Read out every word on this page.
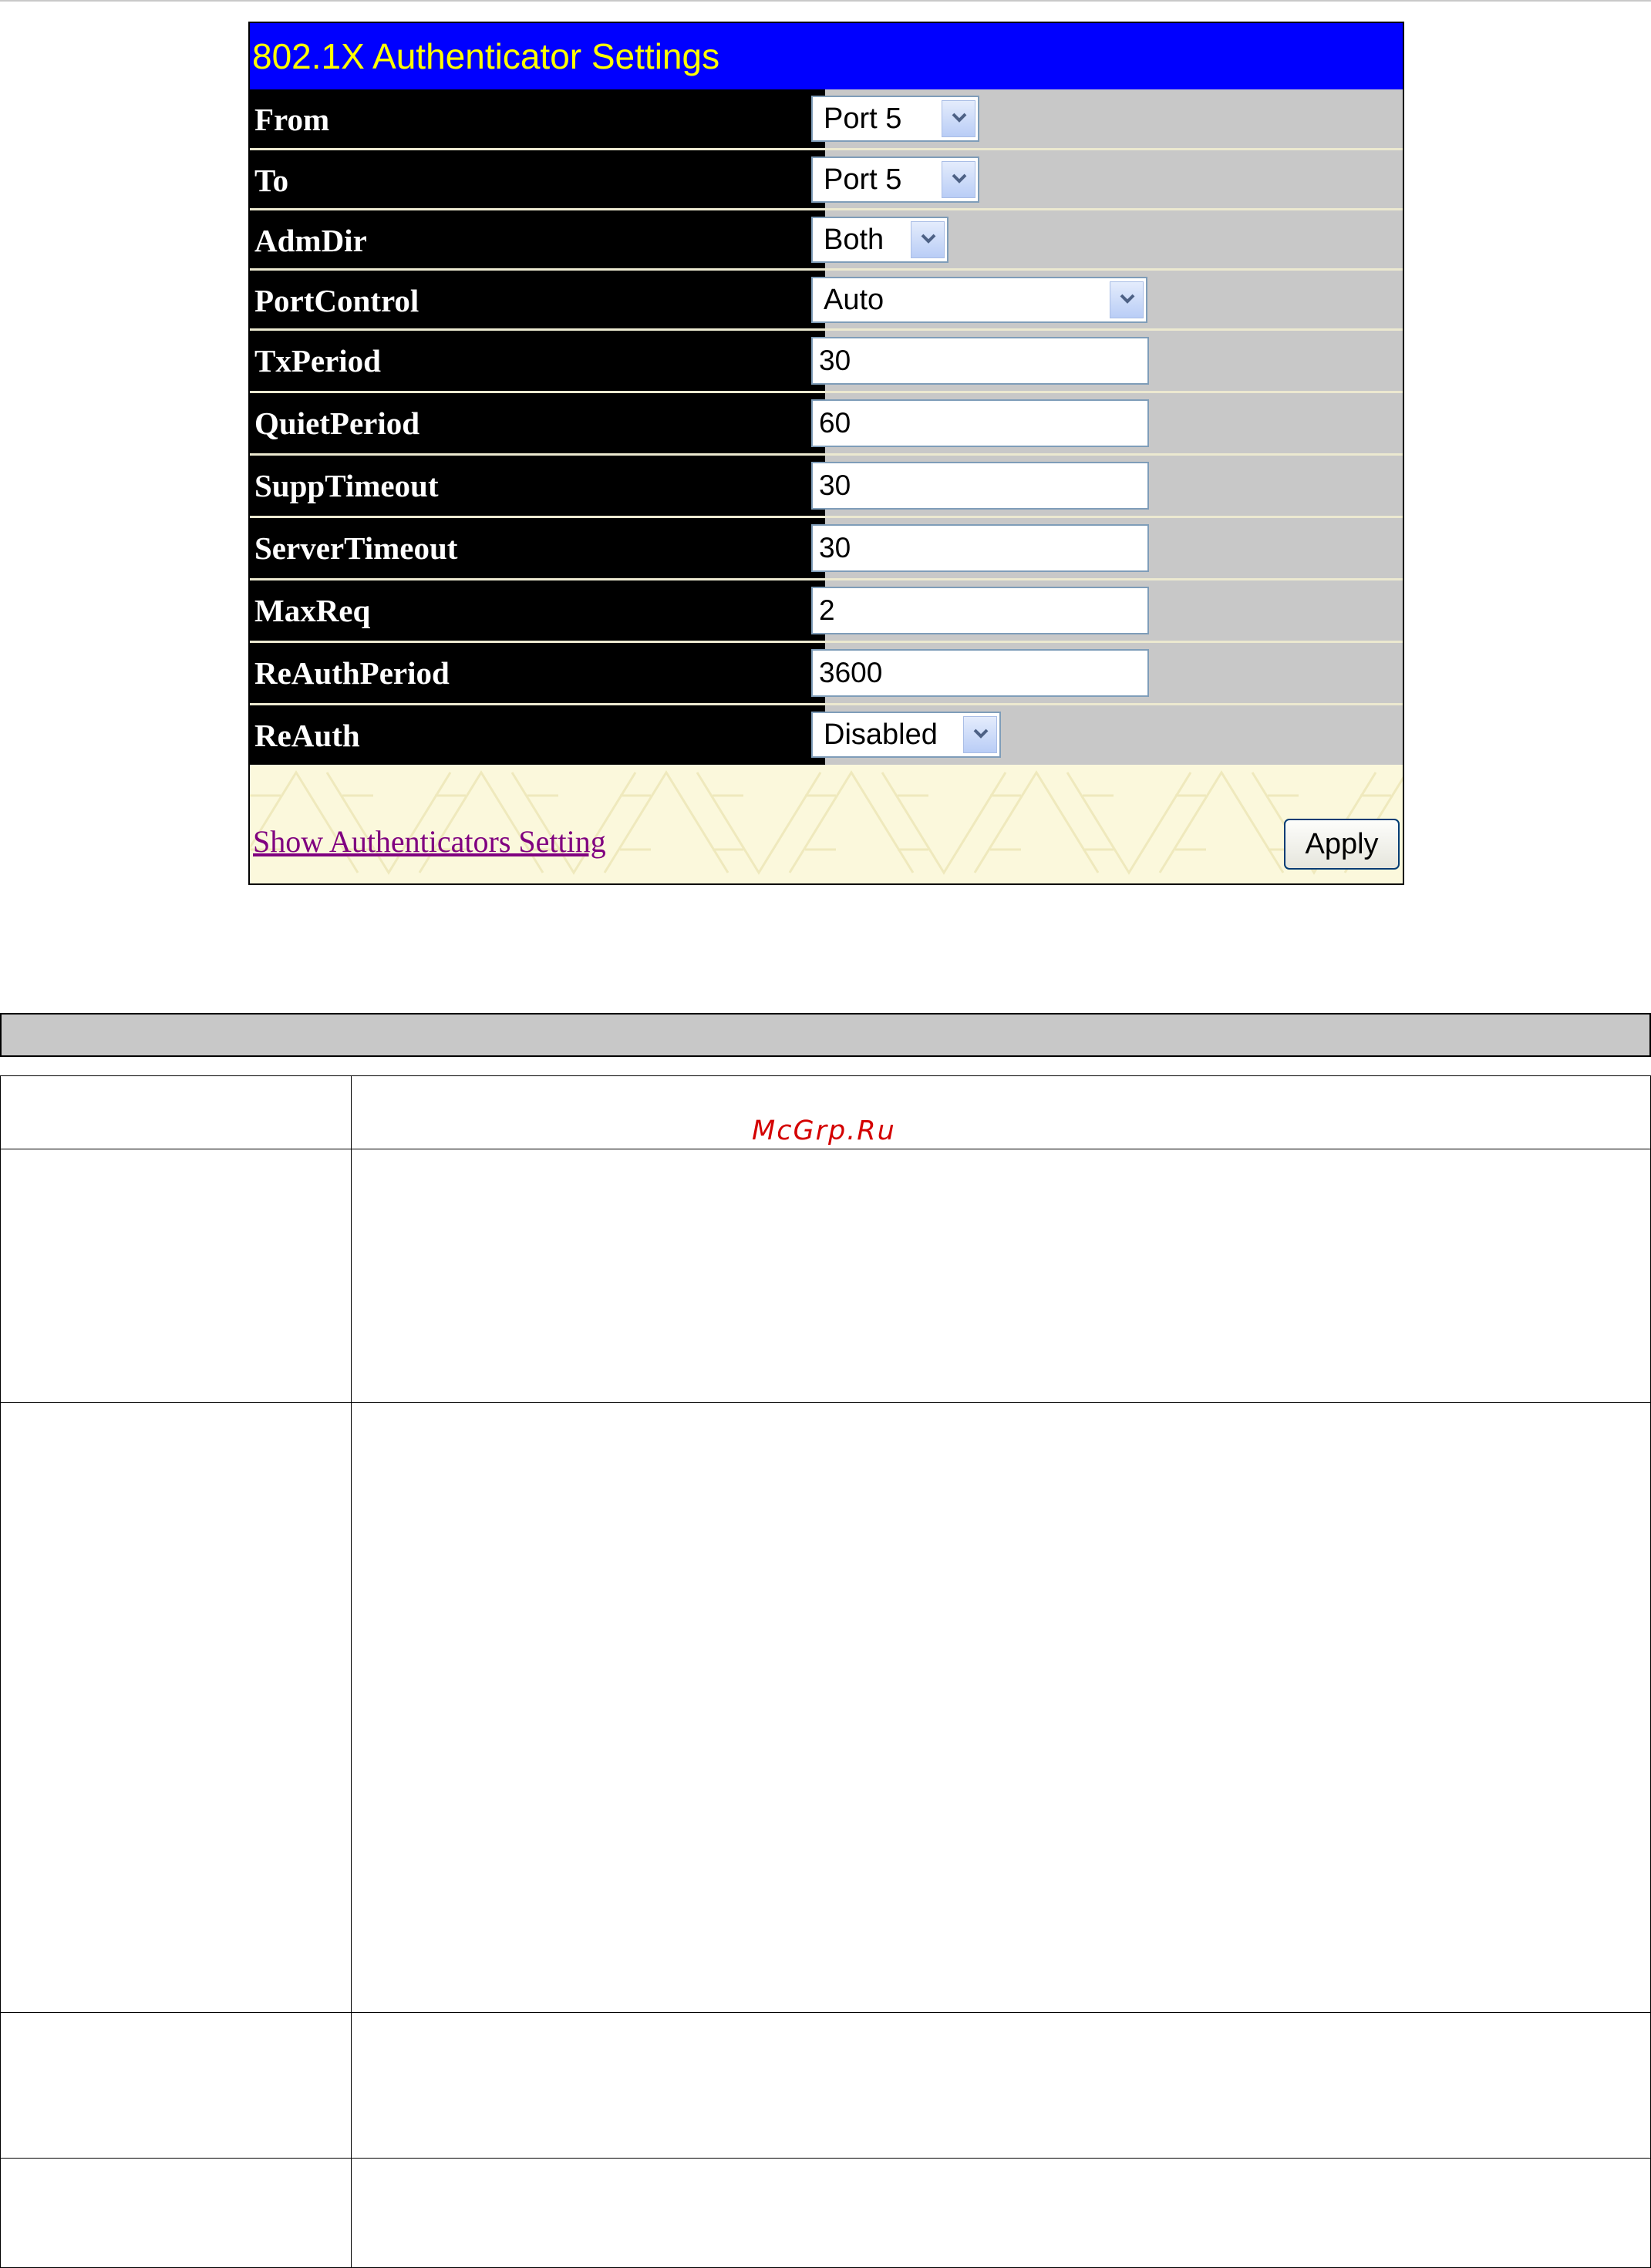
802.1X Authenticator Settings
From	Port 5
To	Port 5
AdmDir	Both
PortControl	Auto
TxPeriod	30
QuietPeriod	60
SuppTimeout	30
ServerTimeout	30
MaxReq	2
ReAuthPeriod	3600
ReAuth	Disabled
Show Authenticators Setting	Apply
McGrp.Ru
